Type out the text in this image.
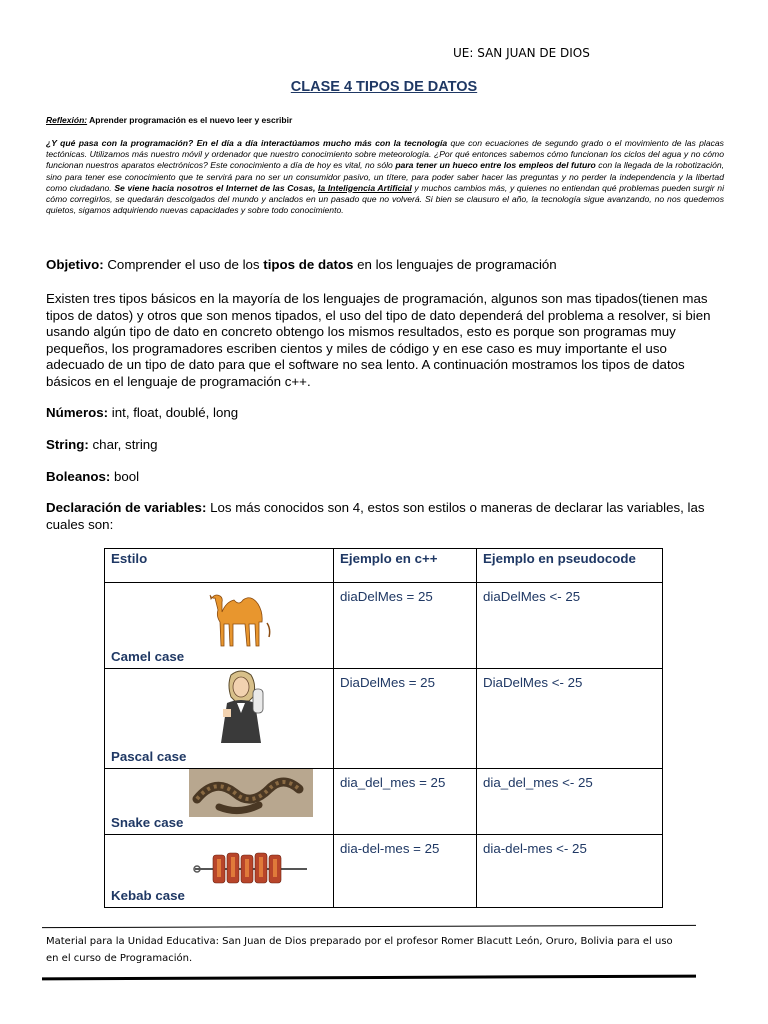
UE: SAN JUAN DE DIOS
CLASE 4 TIPOS DE DATOS
Reflexión: Aprender programación es el nuevo leer y escribir
¿Y qué pasa con la programación? En el día a día interactúamos mucho más con la tecnología que con ecuaciones de segundo grado o el movimiento de las placas tectónicas. Utilizamos más nuestro móvil y ordenador que nuestro conocimiento sobre meteorología. ¿Por qué entonces sabemos cómo funcionan los ciclos del agua y no cómo funcionan nuestros aparatos electrónicos? Este conocimiento a día de hoy es vital, no sólo para tener un hueco entre los empleos del futuro con la llegada de la robotización, sino para tener ese conocimiento que te servirá para no ser un consumidor pasivo, un títere, para poder saber hacer las preguntas y no perder la independencia y la libertad como ciudadano. Se viene hacia nosotros el Internet de las Cosas, la Inteligencia Artificial y muchos cambios más, y quienes no entiendan qué problemas pueden surgir ni cómo corregirlos, se quedarán descolgados del mundo y anclados en un pasado que no volverá. Si bien se clausuro el año, la tecnología sigue avanzando, no nos quedemos quietos, sigamos adquiriendo nuevas capacidades y sobre todo conocimiento.
Objetivo: Comprender el uso de los tipos de datos en los lenguajes de programación
Existen tres tipos básicos en la mayoría de los lenguajes de programación, algunos son mas tipados(tienen mas tipos de datos) y otros que son menos tipados, el uso del tipo de dato dependerá del problema a resolver, si bien usando algún tipo de dato en concreto obtengo los mismos resultados, esto es porque son programas muy pequeños, los programadores escriben cientos y miles de código y en ese caso es muy importante el uso adecuado de un tipo de dato para que el software no sea lento. A continuación mostramos los tipos de datos básicos en el lenguaje de programación c++.
Números: int, float, doublé, long
String: char, string
Boleanos: bool
Declaración de variables: Los más conocidos son 4, estos son estilos o maneras de declarar las variables, las cuales son:
Estilo	Ejemplo en c++	Ejemplo en pseudocode

Camel case	diaDelMes = 25	diaDelMes <- 25

Pascal case	DiaDelMes = 25	DiaDelMes <- 25

Snake case	dia_del_mes = 25	dia_del_mes <- 25

Kebab case	dia-del-mes = 25	dia-del-mes <- 25
Material para la Unidad Educativa: San Juan de Dios preparado por el profesor Romer Blacutt León, Oruro, Bolivia para el uso en el curso de Programación.
